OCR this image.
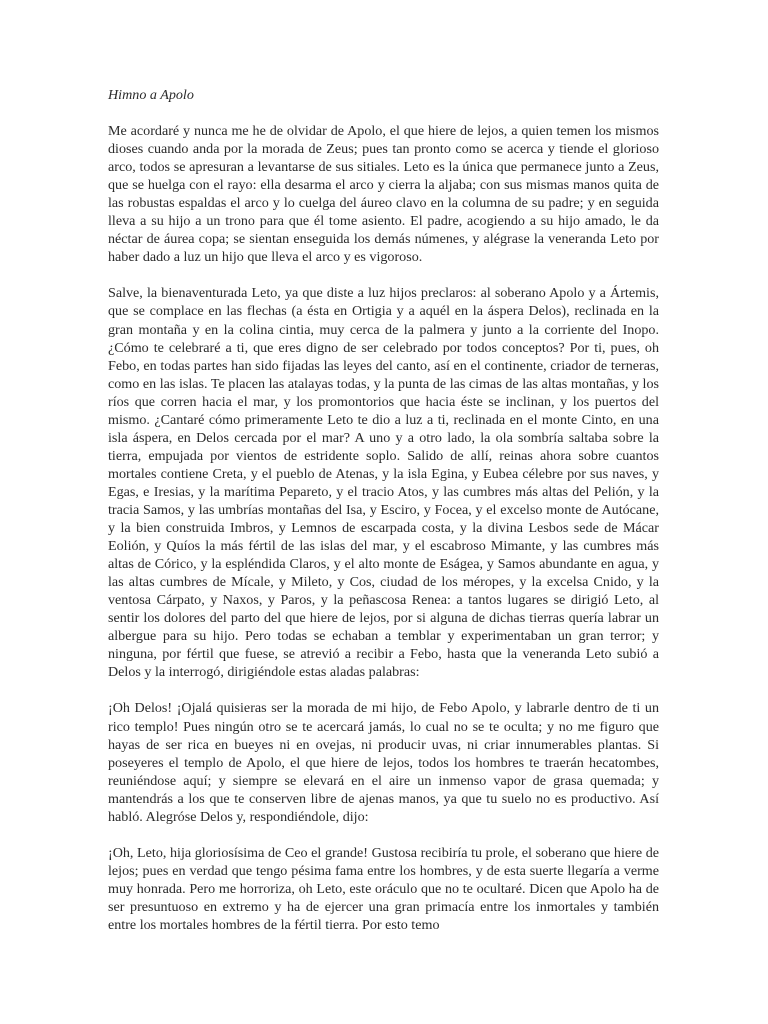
Himno a Apolo

Me acordaré y nunca me he de olvidar de Apolo, el que hiere de lejos, a quien temen los mismos dioses cuando anda por la morada de Zeus; pues tan pronto como se acerca y tiende el glorioso arco, todos se apresuran a levantarse de sus sitiales. Leto es la única que permanece junto a Zeus, que se huelga con el rayo: ella desarma el arco y cierra la aljaba; con sus mismas manos quita de las robustas espaldas el arco y lo cuelga del áureo clavo en la columna de su padre; y en seguida lleva a su hijo a un trono para que él tome asiento. El padre, acogiendo a su hijo amado, le da néctar de áurea copa; se sientan enseguida los demás númenes, y alégrase la veneranda Leto por haber dado a luz un hijo que lleva el arco y es vigoroso.

Salve, la bienaventurada Leto, ya que diste a luz hijos preclaros: al soberano Apolo y a Ártemis, que se complace en las flechas (a ésta en Ortigia y a aquél en la áspera Delos), reclinada en la gran montaña y en la colina cintia, muy cerca de la palmera y junto a la corriente del Inopo. ¿Cómo te celebraré a ti, que eres digno de ser celebrado por todos conceptos? Por ti, pues, oh Febo, en todas partes han sido fijadas las leyes del canto, así en el continente, criador de terneras, como en las islas. Te placen las atalayas todas, y la punta de las cimas de las altas montañas, y los ríos que corren hacia el mar, y los promontorios que hacia éste se inclinan, y los puertos del mismo. ¿Cantaré cómo primeramente Leto te dio a luz a ti, reclinada en el monte Cinto, en una isla áspera, en Delos cercada por el mar? A uno y a otro lado, la ola sombría saltaba sobre la tierra, empujada por vientos de estridente soplo. Salido de allí, reinas ahora sobre cuantos mortales contiene Creta, y el pueblo de Atenas, y la isla Egina, y Eubea célebre por sus naves, y Egas, e Iresias, y la marítima Pepareto, y el tracio Atos, y las cumbres más altas del Pelión, y la tracia Samos, y las umbrías montañas del Isa, y Esciro, y Focea, y el excelso monte de Autócane, y la bien construida Imbros, y Lemnos de escarpada costa, y la divina Lesbos sede de Mácar Eolión, y Quíos la más fértil de las islas del mar, y el escabroso Mimante, y las cumbres más altas de Córico, y la espléndida Claros, y el alto monte de Eságea, y Samos abundante en agua, y las altas cumbres de Mícale, y Mileto, y Cos, ciudad de los méropes, y la excelsa Cnido, y la ventosa Cárpato, y Naxos, y Paros, y la peñascosa Renea: a tantos lugares se dirigió Leto, al sentir los dolores del parto del que hiere de lejos, por si alguna de dichas tierras quería labrar un albergue para su hijo. Pero todas se echaban a temblar y experimentaban un gran terror; y ninguna, por fértil que fuese, se atrevió a recibir a Febo, hasta que la veneranda Leto subió a Delos y la interrogó, dirigiéndole estas aladas palabras:

¡Oh Delos! ¡Ojalá quisieras ser la morada de mi hijo, de Febo Apolo, y labrarle dentro de ti un rico templo! Pues ningún otro se te acercará jamás, lo cual no se te oculta; y no me figuro que hayas de ser rica en bueyes ni en ovejas, ni producir uvas, ni criar innumerables plantas. Si poseyeres el templo de Apolo, el que hiere de lejos, todos los hombres te traerán hecatombes, reuniéndose aquí; y siempre se elevará en el aire un inmenso vapor de grasa quemada; y mantendrás a los que te conserven libre de ajenas manos, ya que tu suelo no es productivo. Así habló. Alegróse Delos y, respondiéndole, dijo:

¡Oh, Leto, hija gloriosísima de Ceo el grande! Gustosa recibiría tu prole, el soberano que hiere de lejos; pues en verdad que tengo pésima fama entre los hombres, y de esta suerte llegaría a verme muy honrada. Pero me horroriza, oh Leto, este oráculo que no te ocultaré. Dicen que Apolo ha de ser presuntuoso en extremo y ha de ejercer una gran primacía entre los inmortales y también entre los mortales hombres de la fértil tierra. Por esto temo
